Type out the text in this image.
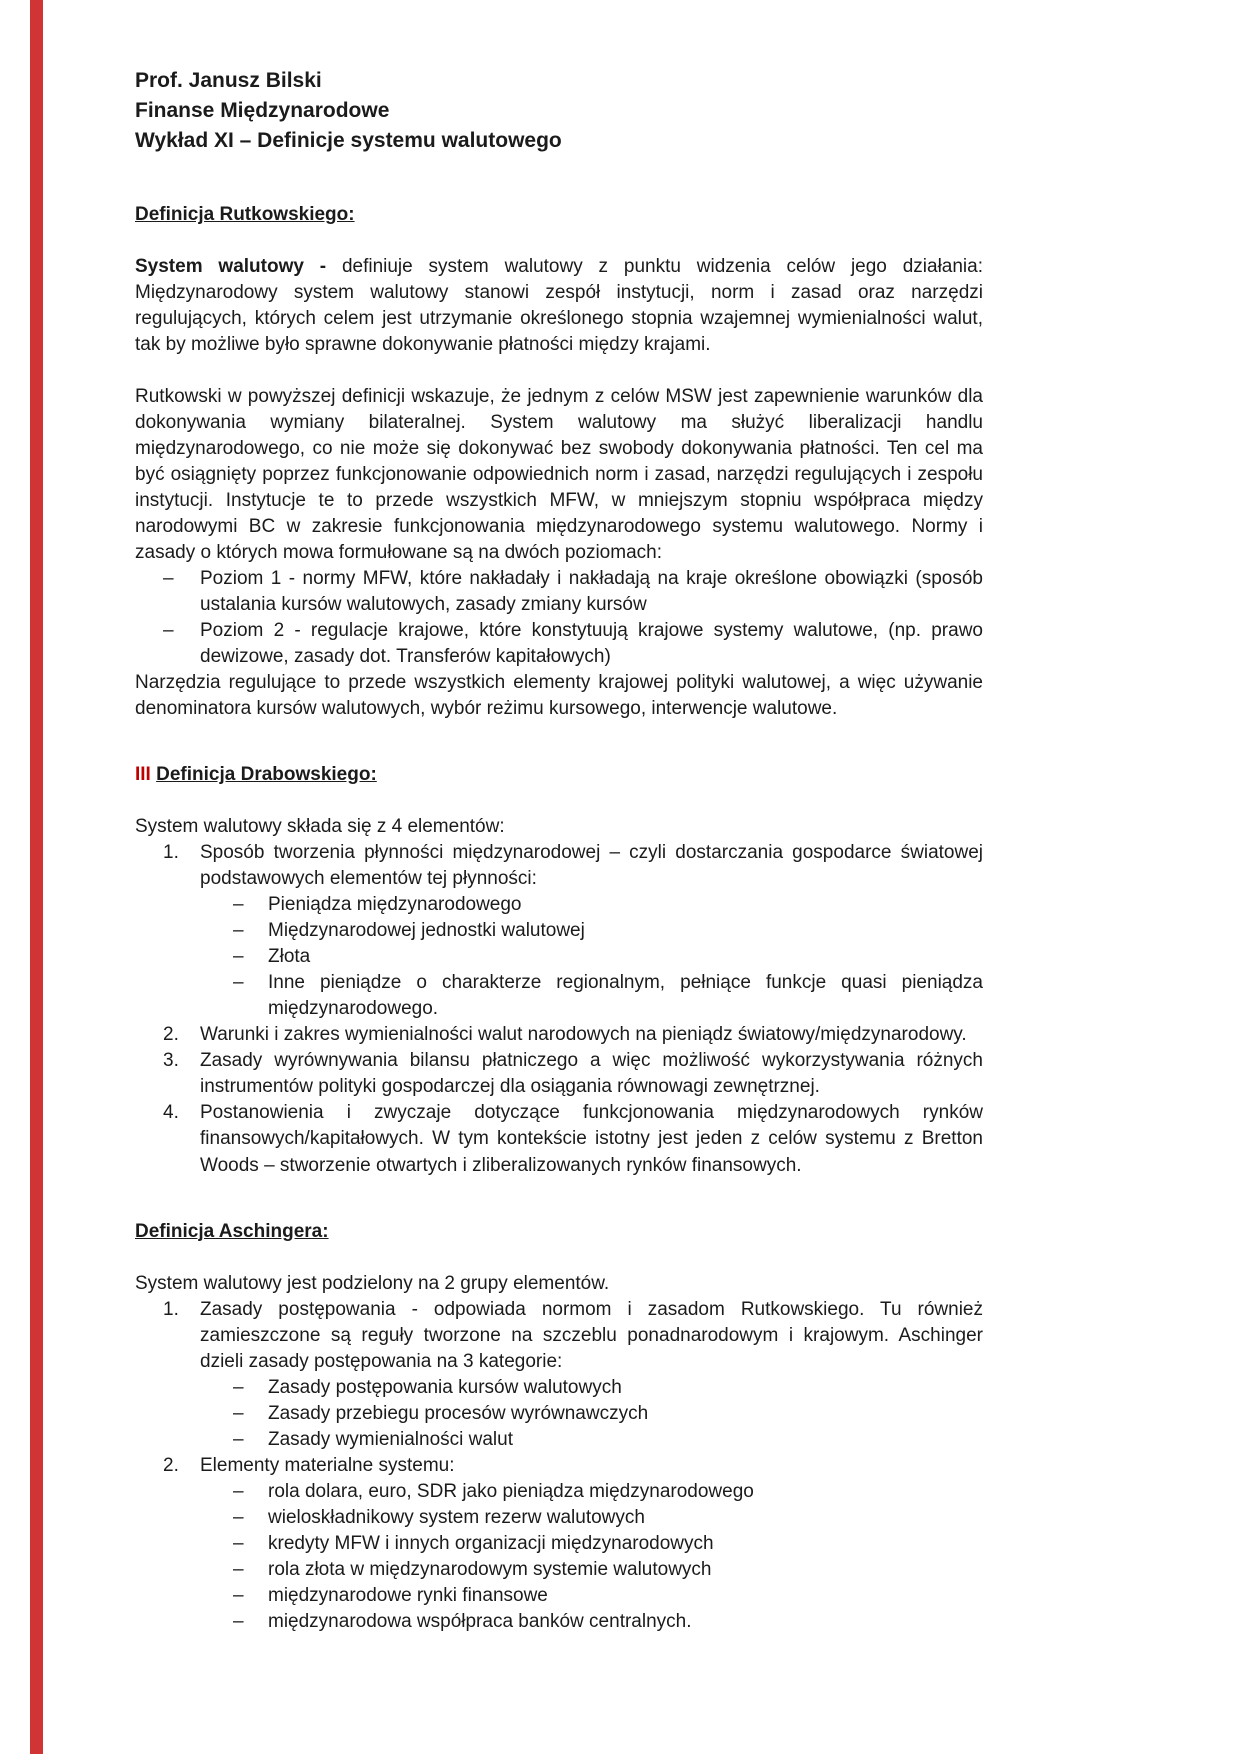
Prof. Janusz Bilski

Finanse Międzynarodowe

Wykład XI – Definicje systemu walutowego

Definicja Rutkowskiego:

System walutowy - definiuje system walutowy z punktu widzenia celów jego działania: Międzynarodowy system walutowy stanowi zespół instytucji, norm i zasad oraz narzędzi regulujących, których celem jest utrzymanie określonego stopnia wzajemnej wymienialności walut, tak by możliwe było sprawne dokonywanie płatności między krajami.

Rutkowski w powyższej definicji wskazuje, że jednym z celów MSW jest zapewnienie warunków dla dokonywania wymiany bilateralnej. System walutowy ma służyć liberalizacji handlu międzynarodowego, co nie może się dokonywać bez swobody dokonywania płatności. Ten cel ma być osiągnięty poprzez funkcjonowanie odpowiednich norm i zasad, narzędzi regulujących i zespołu instytucji. Instytucje te to przede wszystkich MFW, w mniejszym stopniu współpraca między narodowymi BC w zakresie funkcjonowania międzynarodowego systemu walutowego. Normy i zasady o których mowa formułowane są na dwóch poziomach:

–	Poziom 1 - normy MFW, które nakładały i nakładają na kraje określone obowiązki (sposób ustalania kursów walutowych, zasady zmiany kursów
–	Poziom 2 - regulacje krajowe, które konstytuują krajowe systemy walutowe, (np. prawo dewizowe, zasady dot. Transferów kapitałowych)

Narzędzia regulujące to przede wszystkich elementy krajowej polityki walutowej, a więc używanie denominatora kursów walutowych, wybór reżimu kursowego, interwencje walutowe.

III Definicja Drabowskiego:

System walutowy składa się z 4 elementów:

1.	Sposób tworzenia płynności międzynarodowej – czyli dostarczania gospodarce światowej podstawowych elementów tej płynności:
–	Pieniądza międzynarodowego
–	Międzynarodowej jednostki walutowej
–	Złota
–	Inne pieniądze o charakterze regionalnym, pełniące funkcje quasi pieniądza międzynarodowego.
2.	Warunki i zakres wymienialności walut narodowych na pieniądz światowy/międzynarodowy.
3.	Zasady wyrównywania bilansu płatniczego a więc możliwość wykorzystywania różnych instrumentów polityki gospodarczej dla osiągania równowagi zewnętrznej.
4.	Postanowienia i zwyczaje dotyczące funkcjonowania międzynarodowych rynków finansowych/kapitałowych. W tym kontekście istotny jest jeden z celów systemu z Bretton Woods – stworzenie otwartych i zliberalizowanych rynków finansowych.

Definicja Aschingera:

System walutowy jest podzielony na 2 grupy elementów.

1.	Zasady postępowania - odpowiada normom i zasadom Rutkowskiego. Tu również zamieszczone są reguły tworzone na szczeblu ponadnarodowym i krajowym. Aschinger dzieli zasady postępowania na 3 kategorie:
–	Zasady postępowania kursów walutowych
–	Zasady przebiegu procesów wyrównawczych
–	Zasady wymienialności walut
2.	Elementy materialne systemu:
–	rola dolara, euro, SDR jako pieniądza międzynarodowego
–	wieloskładnikowy system rezerw walutowych
–	kredyty MFW i innych organizacji międzynarodowych
–	rola złota w międzynarodowym systemie walutowych
–	międzynarodowe rynki finansowe
–	międzynarodowa współpraca banków centralnych.
